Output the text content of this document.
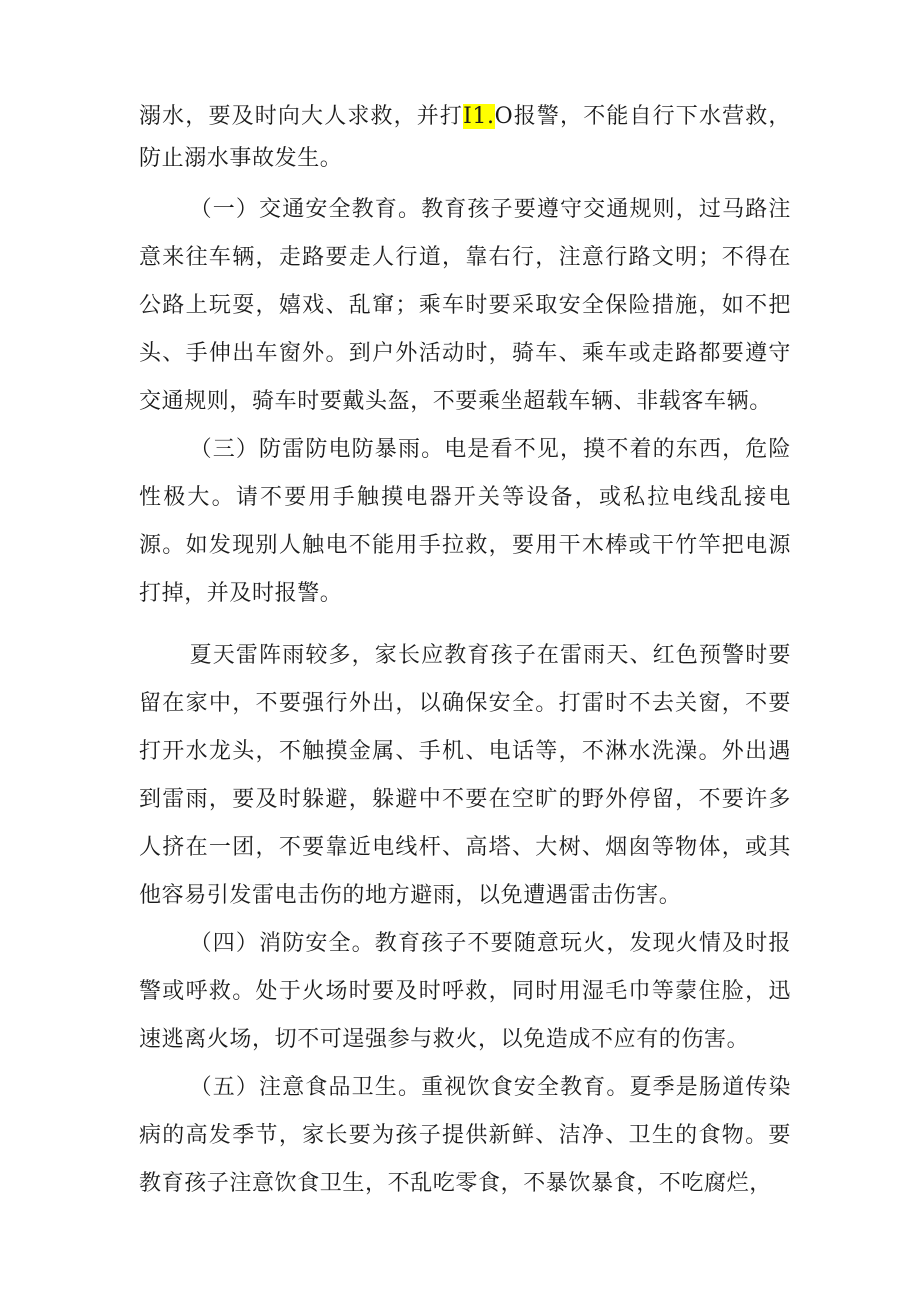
溺水，要及时向大人求救，并打I1.O报警，不能自行下水营救，防止溺水事故发生。

（一）交通安全教育。教育孩子要遵守交通规则，过马路注意来往车辆，走路要走人行道，靠右行，注意行路文明；不得在公路上玩耍，嬉戏、乱窜；乘车时要采取安全保险措施，如不把头、手伸出车窗外。到户外活动时，骑车、乘车或走路都要遵守交通规则，骑车时要戴头盔，不要乘坐超载车辆、非载客车辆。

（三）防雷防电防暴雨。电是看不见，摸不着的东西，危险性极大。请不要用手触摸电器开关等设备，或私拉电线乱接电源。如发现别人触电不能用手拉救，要用干木棒或干竹竿把电源打掉，并及时报警。

夏天雷阵雨较多，家长应教育孩子在雷雨天、红色预警时要留在家中，不要强行外出，以确保安全。打雷时不去关窗，不要打开水龙头，不触摸金属、手机、电话等，不淋水洗澡。外出遇到雷雨，要及时躲避，躲避中不要在空旷的野外停留，不要许多人挤在一团，不要靠近电线杆、高塔、大树、烟囱等物体，或其他容易引发雷电击伤的地方避雨，以免遭遇雷击伤害。

（四）消防安全。教育孩子不要随意玩火，发现火情及时报警或呼救。处于火场时要及时呼救，同时用湿毛巾等蒙住脸，迅速逃离火场，切不可逞强参与救火，以免造成不应有的伤害。

（五）注意食品卫生。重视饮食安全教育。夏季是肠道传染病的高发季节，家长要为孩子提供新鲜、洁净、卫生的食物。要教育孩子注意饮食卫生，不乱吃零食，不暴饮暴食，不吃腐烂，
